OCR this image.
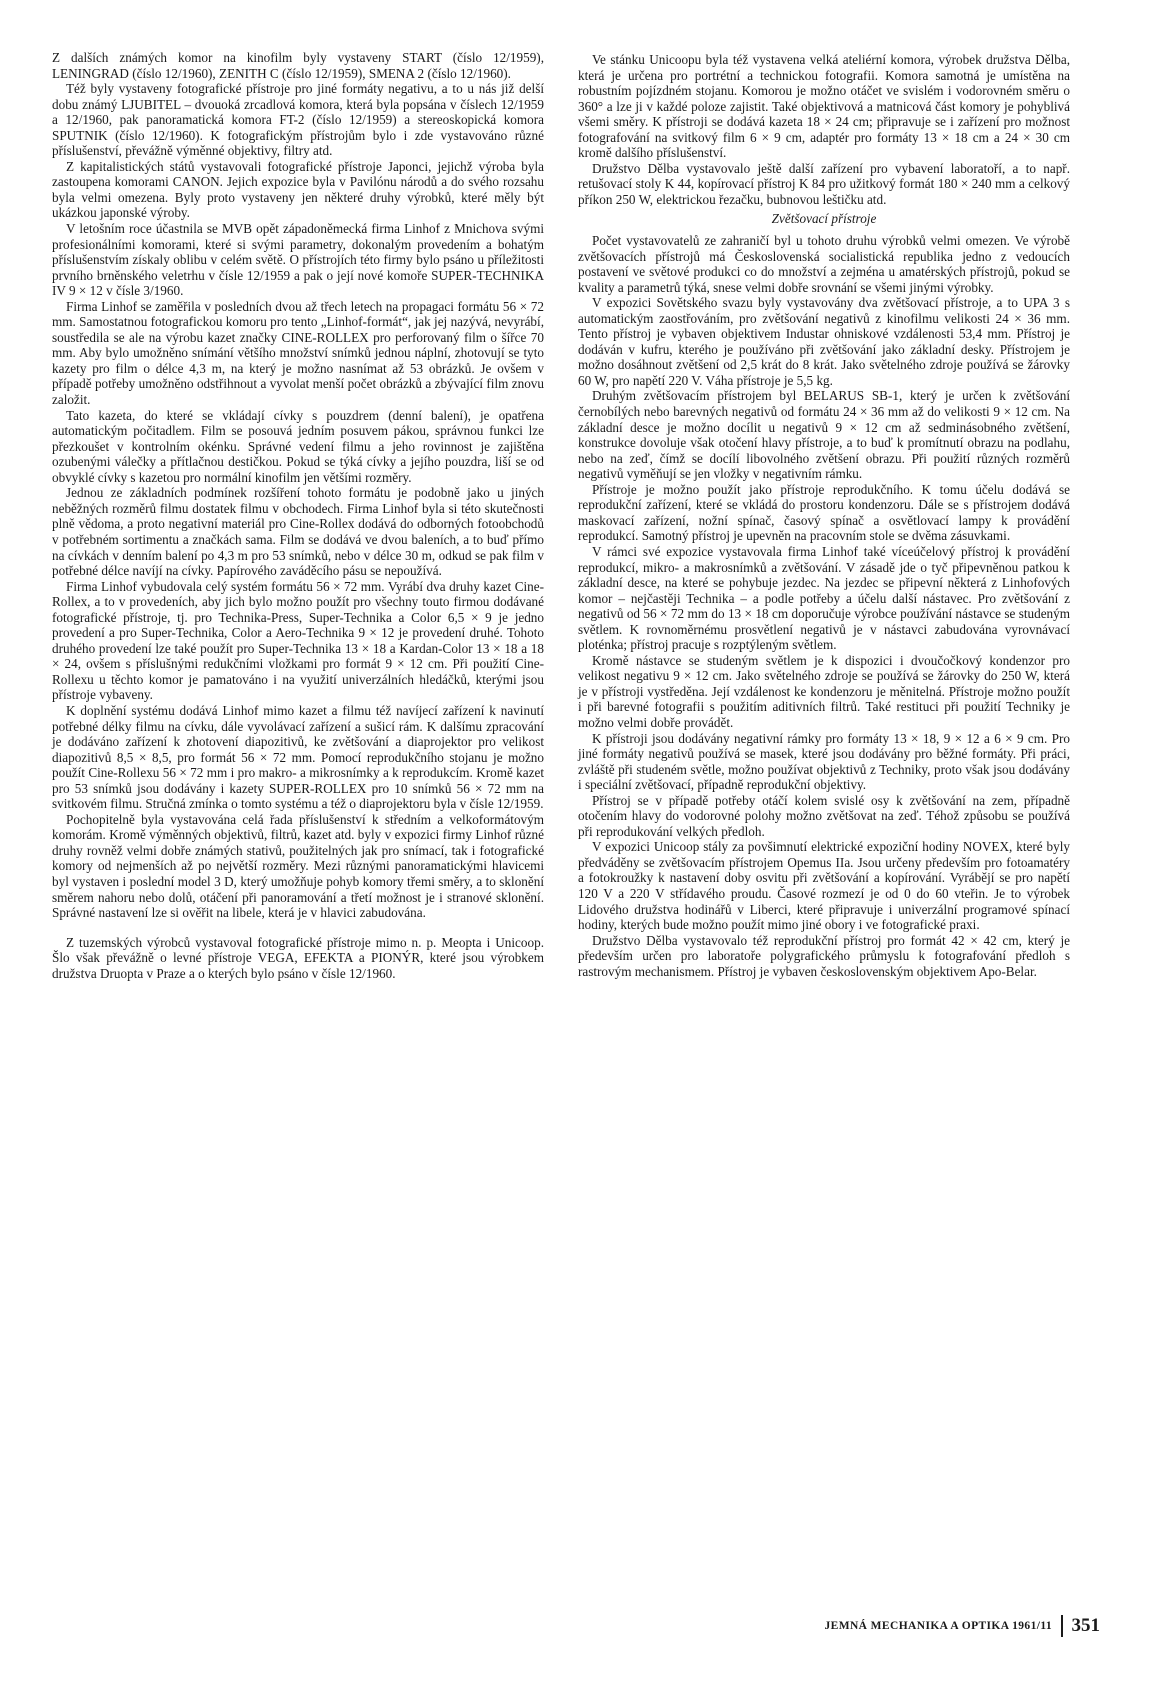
Z dalších známých komor na kinofilm byly vystaveny START (číslo 12/1959), LENINGRAD (číslo 12/1960), ZENITH C (číslo 12/1959), SMENA 2 (číslo 12/1960).

Též byly vystaveny fotografické přístroje pro jiné formáty negativu, a to u nás již delší dobu známý LJUBITEL – dvouoká zrcadlová komora, která byla popsána v číslech 12/1959 a 12/1960, pak panoramatická komora FT-2 (číslo 12/1959) a stereoskopická komora SPUTNIK (číslo 12/1960). K fotografickým přístrojům bylo i zde vystavováno různé příslušenství, převážně výměnné objektivy, filtry atd.

Z kapitalistických států vystavovali fotografické přístroje Japonci, jejichž výroba byla zastoupena komorami CANON. Jejich expozice byla v Pavilónu národů a do svého rozsahu byla velmi omezena. Byly proto vystaveny jen některé druhy výrobků, které měly být ukázkou japonské výroby.

V letošním roce účastnila se MVB opět západoněmecká firma Linhof z Mnichova svými profesionálními komorami, které si svými parametry, dokonalým provedením a bohatým příslušenstvím získaly oblibu v celém světě. O přístrojích této firmy bylo psáno u příležitosti prvního brněnského veletrhu v čísle 12/1959 a pak o její nové komoře SUPER-TECHNIKA IV 9 × 12 v čísle 3/1960.

Firma Linhof se zaměřila v posledních dvou až třech letech na propagaci formátu 56 × 72 mm. Samostatnou fotografickou komoru pro tento „Linhof-formát“, jak jej nazývá, nevyrábí, soustředila se ale na výrobu kazet značky CINE-ROLLEX pro perforovaný film o šířce 70 mm. Aby bylo umožněno snímání většího množství snímků jednou náplní, zhotovují se tyto kazety pro film o délce 4,3 m, na který je možno nasnímat až 53 obrázků. Je ovšem v případě potřeby umožněno odstřihnout a vyvolat menší počet obrázků a zbývající film znovu založit.

Tato kazeta, do které se vkládají cívky s pouzdrem (denní balení), je opatřena automatickým počitadlem. Film se posouvá jedním posuvem pákou, správnou funkci lze přezkoušet v kontrolním okénku. Správné vedení filmu a jeho rovinnost je zajištěna ozubenými válečky a přítlačnou destičkou. Pokud se týká cívky a jejího pouzdra, liší se od obvyklé cívky s kazetou pro normální kinofilm jen většími rozměry.

Jednou ze základních podmínek rozšíření tohoto formátu je podobně jako u jiných neběžných rozměrů filmu dostatek filmu v obchodech. Firma Linhof byla si této skutečnosti plně vědoma, a proto negativní materiál pro Cine-Rollex dodává do odborných fotoobchodů v potřebném sortimentu a značkách sama. Film se dodává ve dvou baleních, a to buď přímo na cívkách v denním balení po 4,3 m pro 53 snímků, nebo v délce 30 m, odkud se pak film v potřebné délce navíjí na cívky. Papírového zaváděcího pásu se nepoužívá.

Firma Linhof vybudovala celý systém formátu 56 × 72 mm. Vyrábí dva druhy kazet Cine-Rollex, a to v provedeních, aby jich bylo možno použít pro všechny touto firmou dodávané fotografické přístroje, tj. pro Technika-Press, Super-Technika a Color 6,5 × 9 je jedno provedení a pro Super-Technika, Color a Aero-Technika 9 × 12 je provedení druhé. Tohoto druhého provedení lze také použít pro Super-Technika 13 × 18 a Kardan-Color 13 × 18 a 18 × 24, ovšem s příslušnými redukčními vložkami pro formát 9 × 12 cm. Při použití Cine-Rollexu u těchto komor je pamatováno i na využití univerzálních hledáčků, kterými jsou přístroje vybaveny.

K doplnění systému dodává Linhof mimo kazet a filmu též navíjecí zařízení k navinutí potřebné délky filmu na cívku, dále vyvolávací zařízení a sušicí rám. K dalšímu zpracování je dodáváno zařízení k zhotovení diapozitivů, ke zvětšování a diaprojektor pro velikost diapozitivů 8,5 × 8,5, pro formát 56 × 72 mm. Pomocí reprodukčního stojanu je možno použít Cine-Rollexu 56 × 72 mm i pro makro- a mikrosnímky a k reprodukcím. Kromě kazet pro 53 snímků jsou dodávány i kazety SUPER-ROLLEX pro 10 snímků 56 × 72 mm na svitkovém filmu. Stručná zmínka o tomto systému a též o diaprojektoru byla v čísle 12/1959.

Pochopitelně byla vystavována celá řada příslušenství k středním a velkoformátovým komorám. Kromě výměnných objektivů, filtrů, kazet atd. byly v expozici firmy Linhof různé druhy rovněž velmi dobře známých stativů, použitelných jak pro snímací, tak i fotografické komory od nejmenších až po největší rozměry. Mezi různými panoramatickými hlavicemi byl vystaven i poslední model 3 D, který umožňuje pohyb komory třemi směry, a to sklonění směrem nahoru nebo dolů, otáčení při panoramování a třetí možnost je i stranové sklonění. Správné nastavení lze si ověřit na libele, která je v hlavici zabudována.

Z tuzemských výrobců vystavoval fotografické přístroje mimo n. p. Meopta i Unicoop. Šlo však převážně o levné přístroje VEGA, EFEKTA a PIONÝR, které jsou výrobkem družstva Druopta v Praze a o kterých bylo psáno v čísle 12/1960.

Ve stánku Unicoopu byla též vystavena velká ateliérní komora, výrobek družstva Dělba, která je určena pro portrétní a technickou fotografii. Komora samotná je umístěna na robustním pojízdném stojanu. Komorou je možno otáčet ve svislém i vodorovném směru o 360° a lze ji v každé poloze zajistit. Také objektivová a matnicová část komory je pohyblivá všemi směry. K přístroji se dodává kazeta 18 × 24 cm; připravuje se i zařízení pro možnost fotografování na svitkový film 6 × 9 cm, adaptér pro formáty 13 × 18 cm a 24 × 30 cm kromě dalšího příslušenství.

Družstvo Dělba vystavovalo ještě další zařízení pro vybavení laboratoří, a to např. retušovací stoly K 44, kopírovací přístroj K 84 pro užitkový formát 180 × 240 mm a celkový příkon 250 W, elektrickou řezačku, bubnovou leštičku atd.

Zvětšovací přístroje

Počet vystavovatelů ze zahraničí byl u tohoto druhu výrobků velmi omezen. Ve výrobě zvětšovacích přístrojů má Československá socialistická republika jedno z vedoucích postavení ve světové produkci co do množství a zejména u amatérských přístrojů, pokud se kvality a parametrů týká, snese velmi dobře srovnání se všemi jinými výrobky.

V expozici Sovětského svazu byly vystavovány dva zvětšovací přístroje, a to UPA 3 s automatickým zaostřováním, pro zvětšování negativů z kinofilmu velikosti 24 × 36 mm. Tento přístroj je vybaven objektivem Industar ohniskové vzdálenosti 53,4 mm. Přístroj je dodáván v kufru, kterého je používáno při zvětšování jako základní desky. Přístrojem je možno dosáhnout zvětšení od 2,5 krát do 8 krát. Jako světelného zdroje používá se žárovky 60 W, pro napětí 220 V. Váha přístroje je 5,5 kg.

Druhým zvětšovacím přístrojem byl BELARUS SB-1, který je určen k zvětšování černobílých nebo barevných negativů od formátu 24 × 36 mm až do velikosti 9 × 12 cm. Na základní desce je možno docílit u negativů 9 × 12 cm až sedminásobného zvětšení, konstrukce dovoluje však otočení hlavy přístroje, a to buď k promítnutí obrazu na podlahu, nebo na zeď, čímž se docílí libovolného zvětšení obrazu. Při použití různých rozměrů negativů vyměňují se jen vložky v negativním rámku.

Přístroje je možno použít jako přístroje reprodukčního. K tomu účelu dodává se reprodukční zařízení, které se vkládá do prostoru kondenzoru. Dále se s přístrojem dodává maskovací zařízení, nožní spínač, časový spínač a osvětlovací lampy k provádění reprodukcí. Samotný přístroj je upevněn na pracovním stole se dvěma zásuvkami.

V rámci své expozice vystavovala firma Linhof také víceúčelový přístroj k provádění reprodukcí, mikro- a makrosnímků a zvětšování. V zásadě jde o tyč připevněnou patkou k základní desce, na které se pohybuje jezdec. Na jezdec se připevní některá z Linhofových komor – nejčastěji Technika – a podle potřeby a účelu další nástavec. Pro zvětšování z negativů od 56 × 72 mm do 13 × 18 cm doporučuje výrobce používání nástavce se studeným světlem. K rovnoměrnému prosvětlení negativů je v nástavci zabudována vyrovnávací ploténka; přístroj pracuje s rozptýleným světlem.

Kromě nástavce se studeným světlem je k dispozici i dvoučočkový kondenzor pro velikost negativu 9 × 12 cm. Jako světelného zdroje se používá se žárovky do 250 W, která je v přístroji vystředěna. Její vzdálenost ke kondenzoru je měnitelná. Přístroje možno použít i při barevné fotografii s použitím aditivních filtrů. Také restituci při použití Techniky je možno velmi dobře provádět.

K přístroji jsou dodávány negativní rámky pro formáty 13 × 18, 9 × 12 a 6 × 9 cm. Pro jiné formáty negativů používá se masek, které jsou dodávány pro běžné formáty. Při práci, zvláště při studeném světle, možno používat objektivů z Techniky, proto však jsou dodávány i speciální zvětšovací, případně reprodukční objektivy.

Přístroj se v případě potřeby otáčí kolem svislé osy k zvětšování na zem, případně otočením hlavy do vodorovné polohy možno zvětšovat na zeď. Téhož způsobu se používá při reprodukování velkých předloh.

V expozici Unicoop stály za povšimnutí elektrické expoziční hodiny NOVEX, které byly předváděny se zvětšovacím přístrojem Opemus IIa. Jsou určeny především pro fotoamatéry a fotokroužky k nastavení doby osvitu při zvětšování a kopírování. Vyrábějí se pro napětí 120 V a 220 V střídavého proudu. Časové rozmezí je od 0 do 60 vteřin. Je to výrobek Lidového družstva hodinářů v Liberci, které připravuje i univerzální programové spínací hodiny, kterých bude možno použít mimo jiné obory i ve fotografické praxi.

Družstvo Dělba vystavovalo též reprodukční přístroj pro formát 42 × 42 cm, který je především určen pro laboratoře polygrafického průmyslu k fotografování předloh s rastrovým mechanismem. Přístroj je vybaven československým objektivem Apo-Belar.

JEMNÁ MECHANIKA A OPTIKA 1961/11 351
